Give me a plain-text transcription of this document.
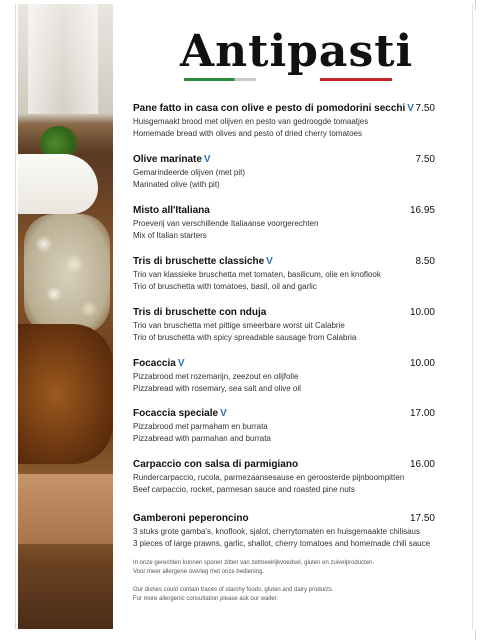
Antipasti
Pane fatto in casa con olive e pesto di pomodorini secchi V 7.50
Huisgemaakt brood met olijven en pesto van gedroogde tomaatjes
Homemade bread with olives and pesto of dried cherry tomatoes
Olive marinate V	7.50
Gemarindeerde olijven (met pit)
Marinated olive (with pit)
Misto all'Italiana	16.95
Proeverij van verschillende Italiaanse voorgerechten
Mix of Italian starters
Tris di bruschette classiche V	8.50
Trio van klassieke bruschetta met tomaten, basilicum, olie en knoflook
Trio of bruschetta with tomatoes, basil, oil and garlic
Tris di bruschette con nduja	10.00
Trio van bruschetta met pittige smeerbare worst uit Calabrie
Trio of bruschetta with spicy spreadable sausage from Calabria
Focaccia V	10.00
Pizzabrood met rozemarijn, zeezout en olijfolie
Pizzabread with rosemary, sea salt and olive oil
Focaccia speciale V	17.00
Pizzabrood met parmaham en burrata
Pizzabread with parmahan and burrata
Carpaccio con salsa di parmigiano	16.00
Rundercarpaccio, rucola, parmezaansesause en geroosterde pijnboompitten
Beef carpaccio, rocket, parmesan sauce and roasted pine nuts
Gamberoni peperoncino	17.50
3 stuks grote gamba's, knoflook, sjalot, cherrytomaten en huisgemaakte chilisaus
3 pieces of large prawns, garlic, shallot, cherry tomatoes and homemade chili sauce
In onze gerechten kunnen sporen zitten van zetmeelrijkvoedsel, gluten en zuivelproducten.
Voor meer allergene overleg met onze bediening.
Our dishes could contain traces of starchy foods, gluten and dairy products.
For more allergenic consultation please ask our waiter.
